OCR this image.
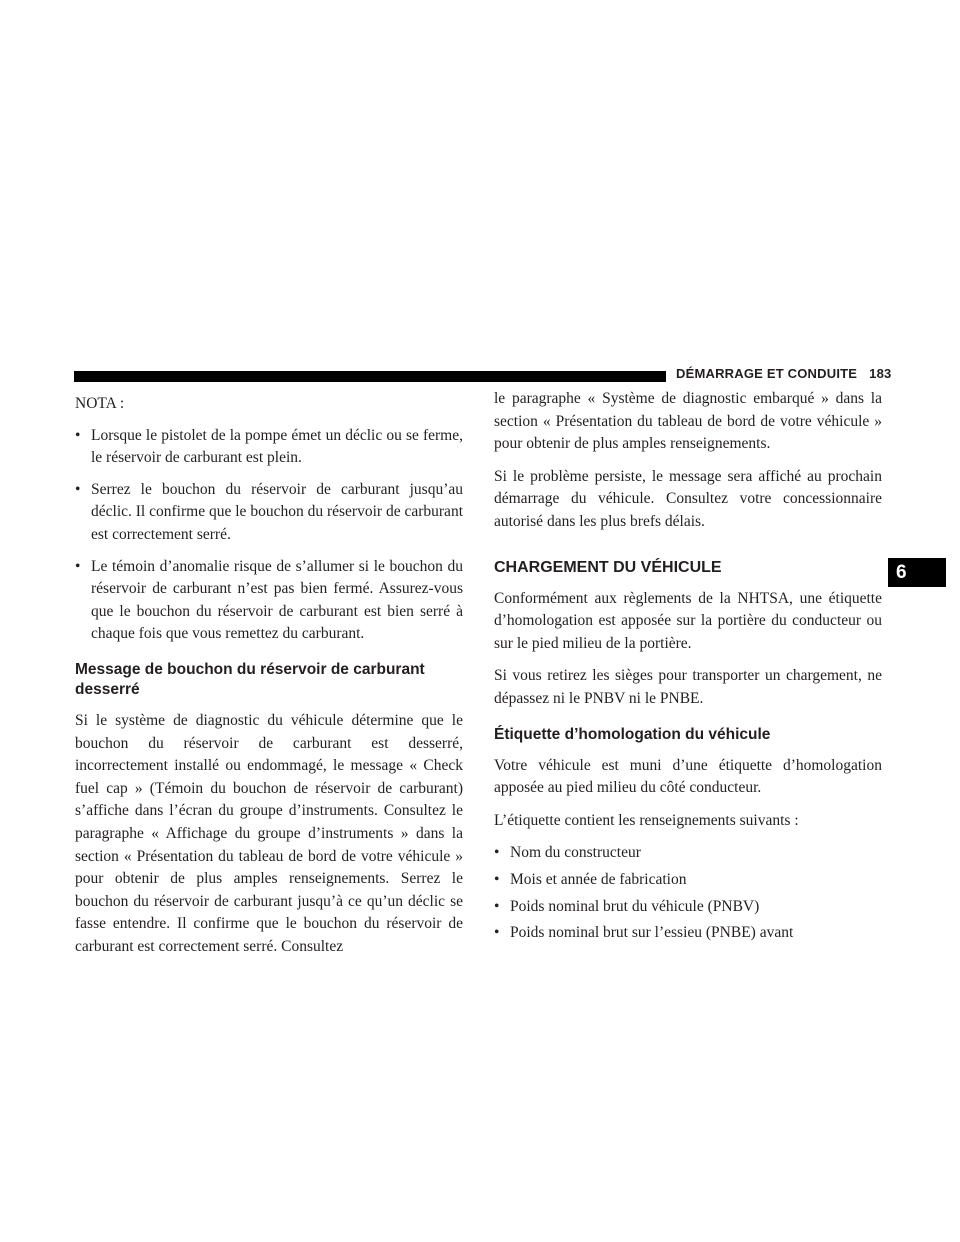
DÉMARRAGE ET CONDUITE 183
6

NOTA :

• Lorsque le pistolet de la pompe émet un déclic ou se ferme, le réservoir de carburant est plein.
• Serrez le bouchon du réservoir de carburant jusqu’au déclic. Il confirme que le bouchon du réservoir de carburant est correctement serré.
• Le témoin d’anomalie risque de s’allumer si le bouchon du réservoir de carburant n’est pas bien fermé. Assurez-vous que le bouchon du réservoir de carburant est bien serré à chaque fois que vous remettez du carburant.
Message de bouchon du réservoir de carburant desserré

Si le système de diagnostic du véhicule détermine que le bouchon du réservoir de carburant est desserré, incorrectement installé ou endommagé, le message « Check fuel cap » (Témoin du bouchon de réservoir de carburant) s’affiche dans l’écran du groupe d’instruments. Consultez le paragraphe « Affichage du groupe d’instruments » dans la section « Présentation du tableau de bord de votre véhicule » pour obtenir de plus amples renseignements. Serrez le bouchon du réservoir de carburant jusqu’à ce qu’un déclic se fasse entendre. Il confirme que le bouchon du réservoir de carburant est correctement serré. Consultez

le paragraphe « Système de diagnostic embarqué » dans la section « Présentation du tableau de bord de votre véhicule » pour obtenir de plus amples renseignements.

Si le problème persiste, le message sera affiché au prochain démarrage du véhicule. Consultez votre concessionnaire autorisé dans les plus brefs délais.

CHARGEMENT DU VÉHICULE

Conformément aux règlements de la NHTSA, une étiquette d’homologation est apposée sur la portière du conducteur ou sur le pied milieu de la portière.

Si vous retirez les sièges pour transporter un chargement, ne dépassez ni le PNBV ni le PNBE.

Étiquette d’homologation du véhicule

Votre véhicule est muni d’une étiquette d’homologation apposée au pied milieu du côté conducteur.

L’étiquette contient les renseignements suivants :

• Nom du constructeur
• Mois et année de fabrication
• Poids nominal brut du véhicule (PNBV)
• Poids nominal brut sur l’essieu (PNBE) avant
